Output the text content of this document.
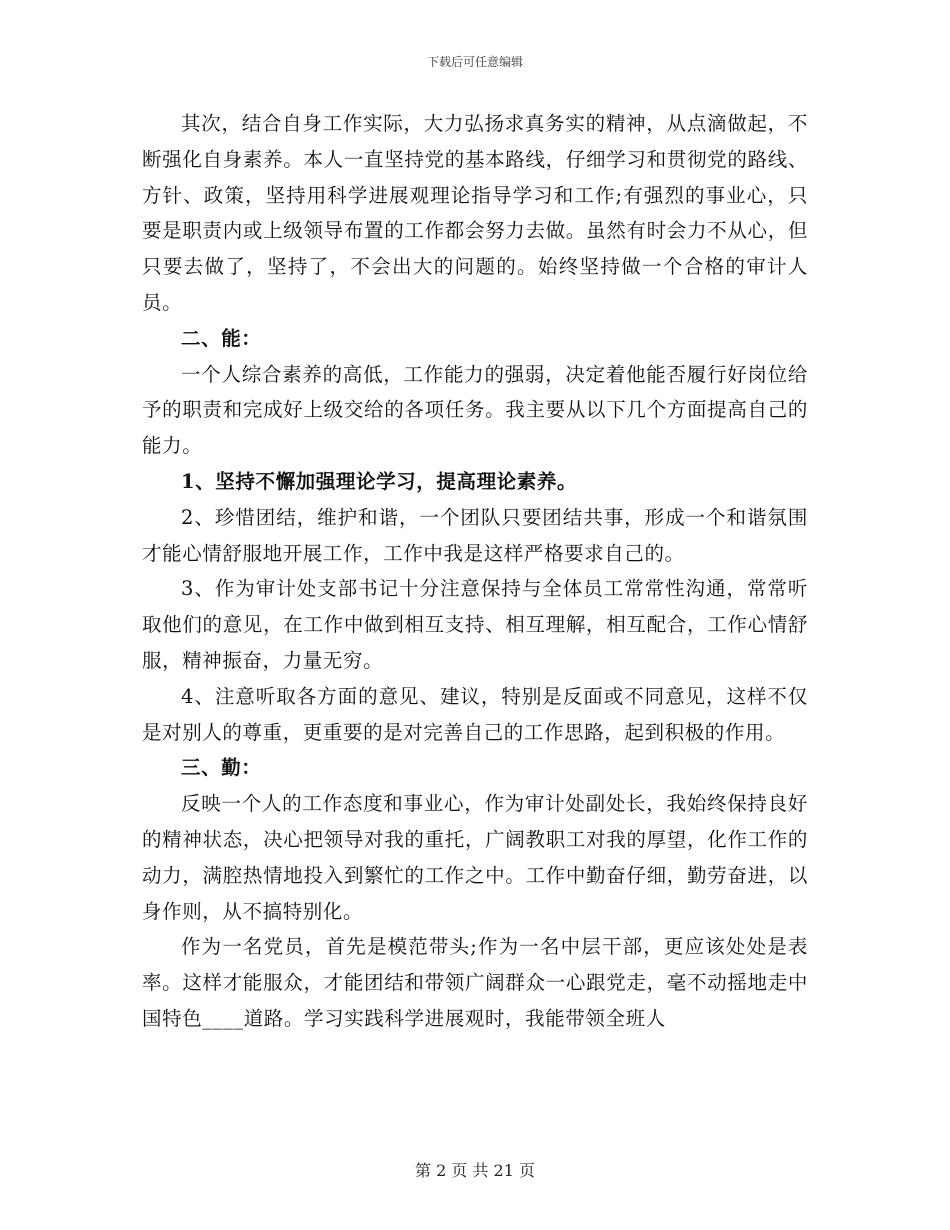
下载后可任意编辑

其次，结合自身工作实际，大力弘扬求真务实的精神，从点滴做起，不断强化自身素养。本人一直坚持党的基本路线，仔细学习和贯彻党的路线、方针、政策，坚持用科学进展观理论指导学习和工作;有强烈的事业心，只要是职责内或上级领导布置的工作都会努力去做。虽然有时会力不从心，但只要去做了，坚持了，不会出大的问题的。始终坚持做一个合格的审计人员。

二、能：

一个人综合素养的高低，工作能力的强弱，决定着他能否履行好岗位给予的职责和完成好上级交给的各项任务。我主要从以下几个方面提高自己的能力。

1、坚持不懈加强理论学习，提高理论素养。

2、珍惜团结，维护和谐，一个团队只要团结共事，形成一个和谐氛围才能心情舒服地开展工作，工作中我是这样严格要求自己的。

3、作为审计处支部书记十分注意保持与全体员工常常性沟通，常常听取他们的意见，在工作中做到相互支持、相互理解，相互配合，工作心情舒服，精神振奋，力量无穷。

4、注意听取各方面的意见、建议，特别是反面或不同意见，这样不仅是对别人的尊重，更重要的是对完善自己的工作思路，起到积极的作用。

三、勤：

反映一个人的工作态度和事业心，作为审计处副处长，我始终保持良好的精神状态，决心把领导对我的重托，广阔教职工对我的厚望，化作工作的动力，满腔热情地投入到繁忙的工作之中。工作中勤奋仔细，勤劳奋进，以身作则，从不搞特别化。

作为一名党员，首先是模范带头;作为一名中层干部，更应该处处是表率。这样才能服众，才能团结和带领广阔群众一心跟党走，毫不动摇地走中国特色____道路。学习实践科学进展观时，我能带领全班人

第 2 页 共 21 页
